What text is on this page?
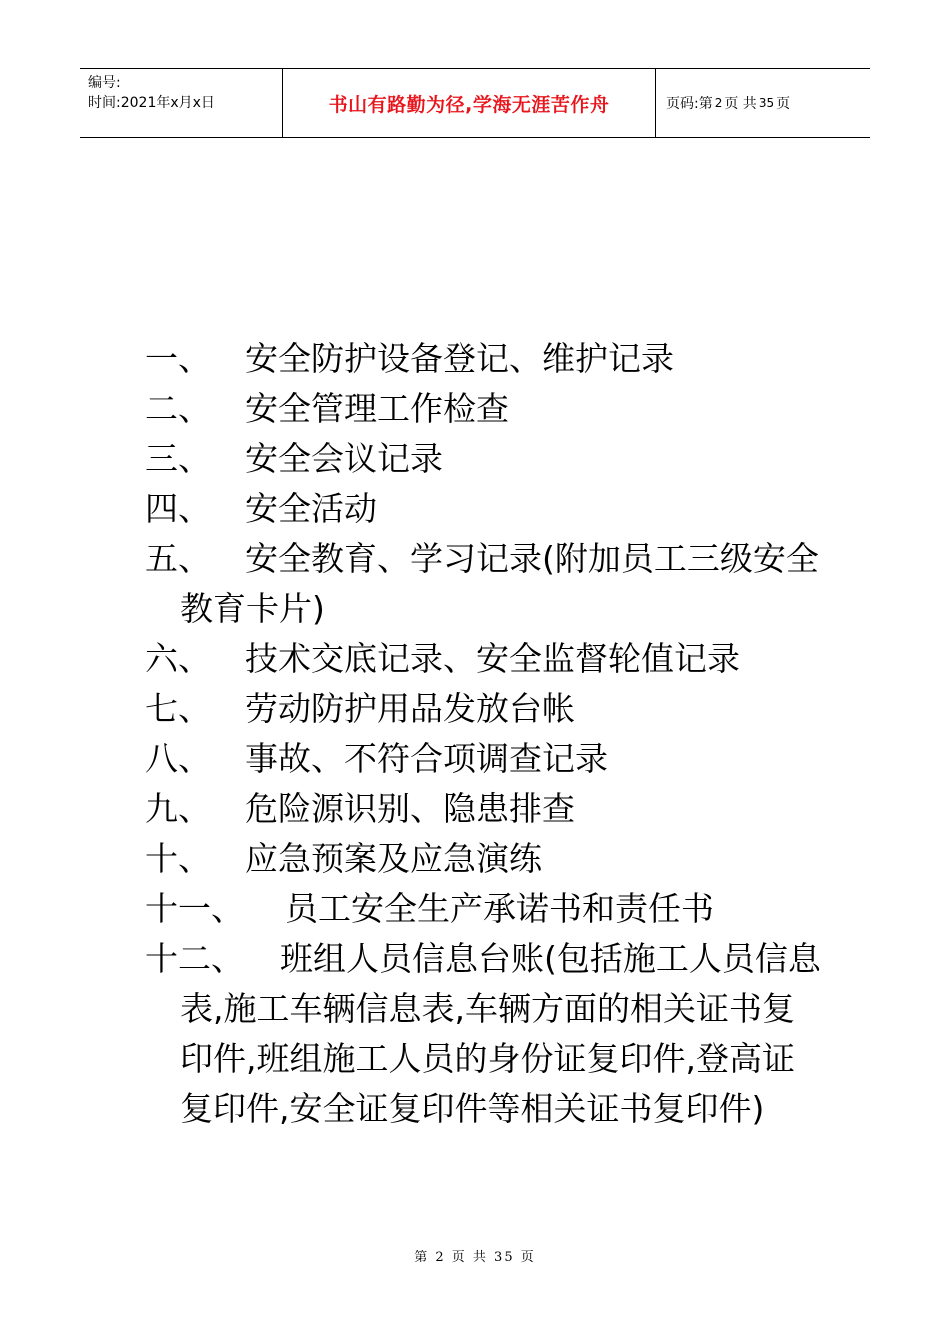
编号:
时间:2021年x月x日	书山有路勤为径,学海无涯苦作舟	页码:第 2 页 共 35 页
一、	安全防护设备登记、维护记录
二、	安全管理工作检查
三、	安全会议记录
四、	安全活动
五、	安全教育、学习记录(附加员工三级安全教育卡片)
六、	技术交底记录、安全监督轮值记录
七、	劳动防护用品发放台帐
八、	事故、不符合项调查记录
九、	危险源识别、隐患排查
十、	应急预案及应急演练
十一、	员工安全生产承诺书和责任书
十二、	班组人员信息台账(包括施工人员信息表,施工车辆信息表,车辆方面的相关证书复印件,班组施工人员的身份证复印件,登高证复印件,安全证复印件等相关证书复印件)
第 2 页 共 35 页
